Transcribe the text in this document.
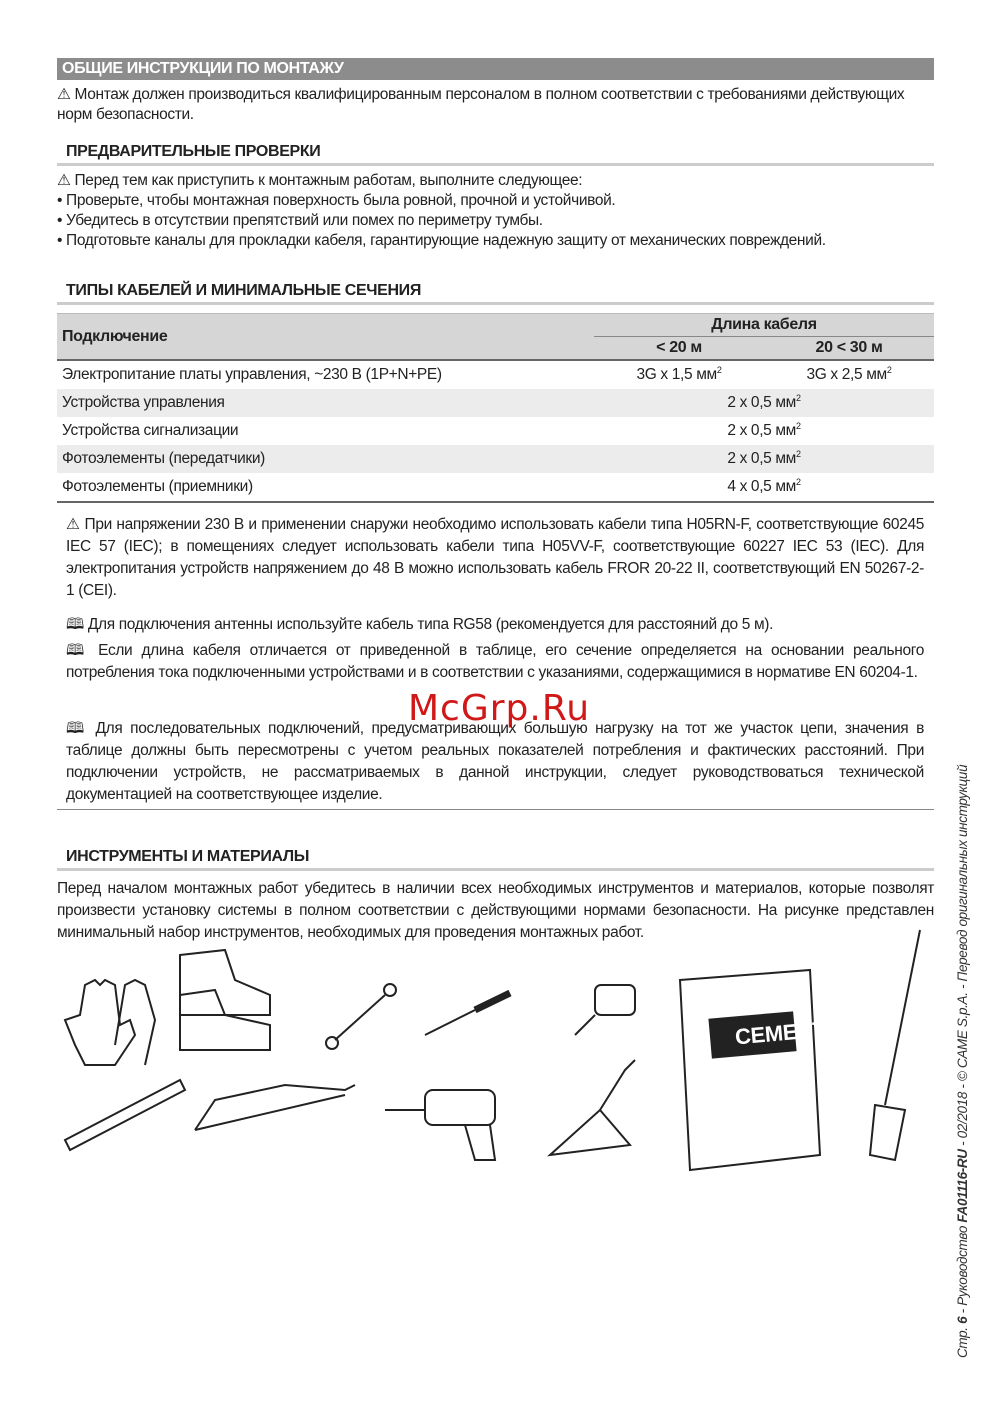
ОБЩИЕ ИНСТРУКЦИИ ПО МОНТАЖУ
⚠ Монтаж должен производиться квалифицированным персоналом в полном соответствии с требованиями действующих норм безопасности.
ПРЕДВАРИТЕЛЬНЫЕ ПРОВЕРКИ
⚠ Перед тем как приступить к монтажным работам, выполните следующее:
• Проверьте, чтобы монтажная поверхность была ровной, прочной и устойчивой.
• Убедитесь в отсутствии препятствий или помех по периметру тумбы.
• Подготовьте каналы для прокладки кабеля, гарантирующие надежную защиту от механических повреждений.
ТИПЫ КАБЕЛЕЙ И МИНИМАЛЬНЫЕ СЕЧЕНИЯ
Подключение	Длина кабеля	
	< 20 м	20 < 30 м
Электропитание платы управления, ~230 В (1P+N+PE)	3G x 1,5 $мм^2$	3G x 2,5 $мм^2$
Устройства управления	2 x 0,5 $мм^2$
Устройства сигнализации	2 x 0,5 $мм^2$
Фотоэлементы (передатчики)	2 x 0,5 $мм^2$
Фотоэлементы (приемники)	4 x 0,5 $мм^2$
⚠ При напряжении 230 В и применении снаружи необходимо использовать кабели типа H05RN-F, соответствующие 60245 IEC 57 (IEC); в помещениях следует использовать кабели типа H05VV-F, соответствующие 60227 IEC 53 (IEC). Для электропитания устройств напряжением до 48 В можно использовать кабель FROR 20-22 II, соответствующий EN 50267-2-1 (CEI).
🕮 Для подключения антенны используйте кабель типа RG58 (рекомендуется для расстояний до 5 м).
🕮 Если длина кабеля отличается от приведенной в таблице, его сечение определяется на основании реального потребления тока подключенными устройствами и в соответствии с указаниями, содержащимися в нормативе EN 60204-1.
🕮 Для последовательных подключений, предусматривающих большую нагрузку на тот же участок цепи, значения в таблице должны быть пересмотрены с учетом реальных показателей потребления и фактических расстояний. При подключении устройств, не рассматриваемых в данной инструкции, следует руководствоваться технической документацией на соответствующее изделие.
McGrp.Ru
ИНСТРУМЕНТЫ И МАТЕРИАЛЫ
Перед началом монтажных работ убедитесь в наличии всех необходимых инструментов и материалов, которые позволят произвести установку системы в полном соответствии с действующими нормами безопасности. На рисунке представлен минимальный набор инструментов, необходимых для проведения монтажных работ.
CEMENT
Стр. 6 - Руководство FA01116-RU - 02/2018 - © CAME S.p.A. - Перевод оригинальных инструкций
